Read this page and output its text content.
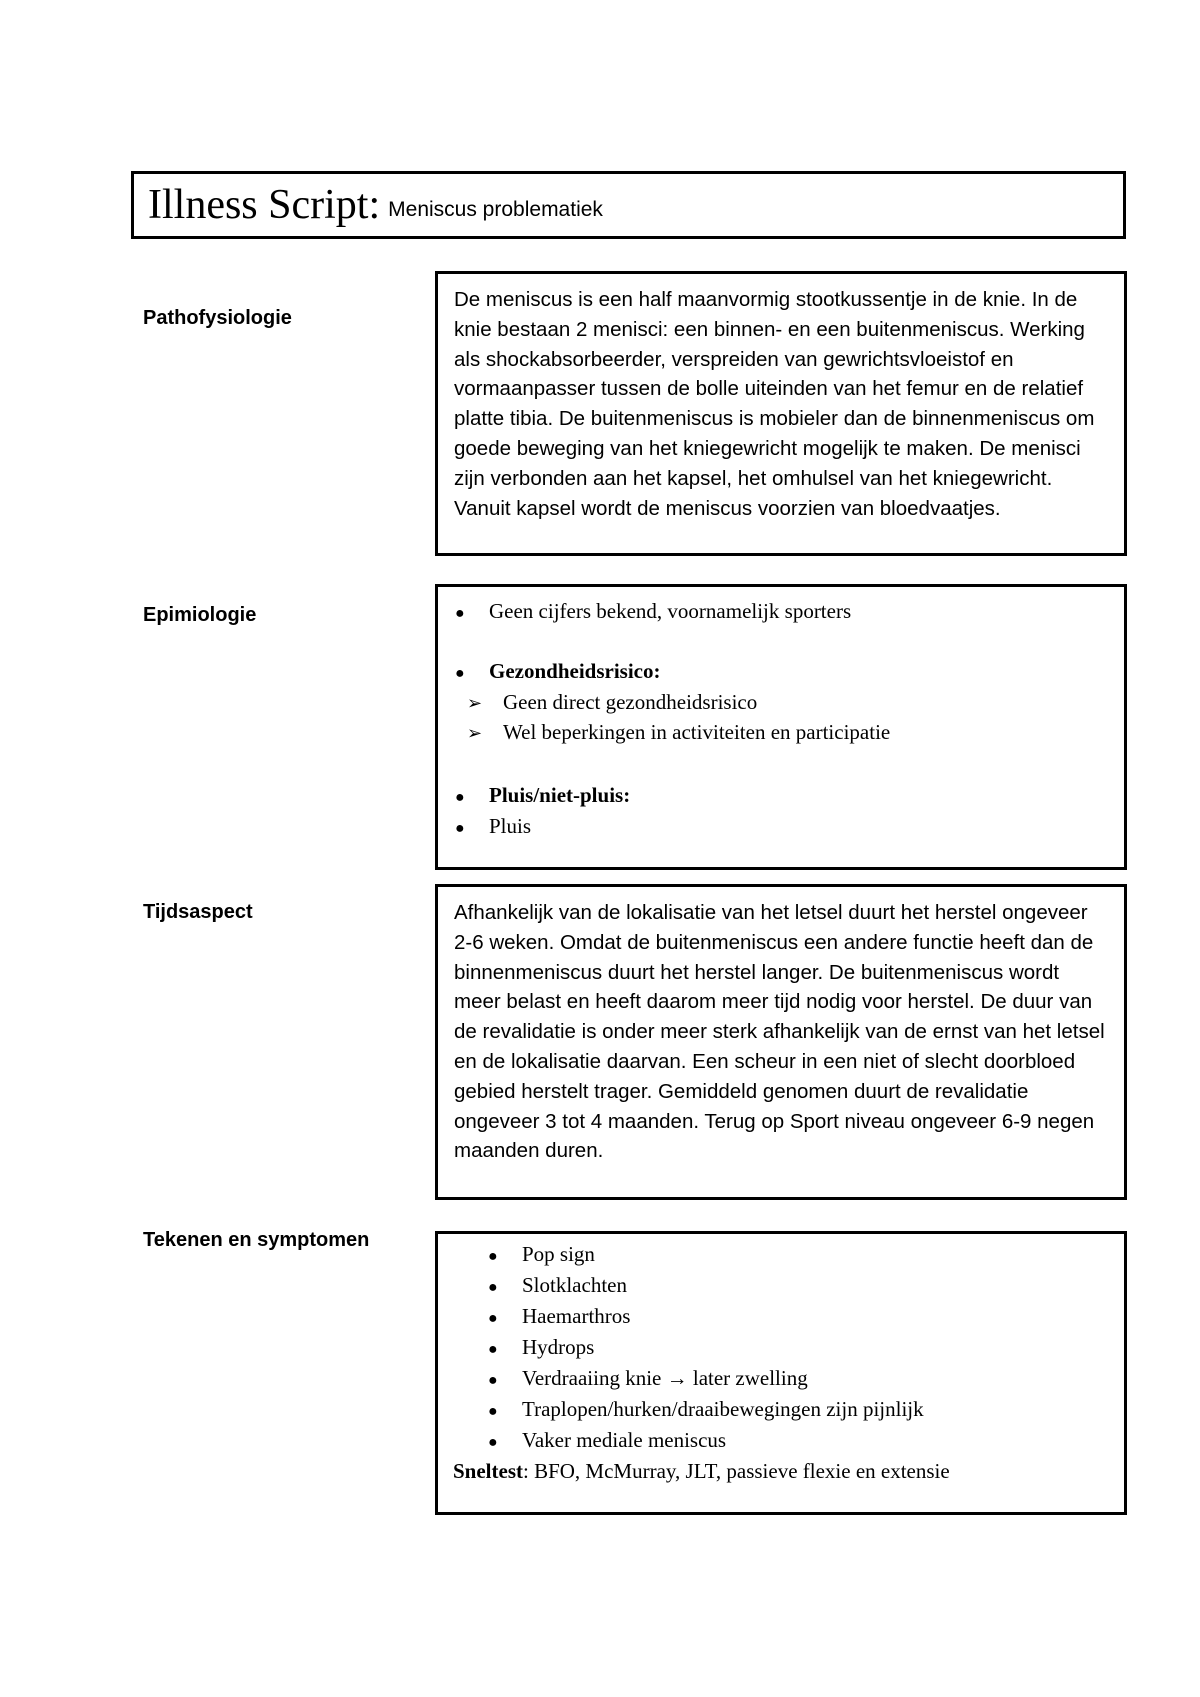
Illness Script: Meniscus problematiek
Pathofysiologie

De meniscus is een half maanvormig stootkussentje in de knie. In de knie bestaan 2 menisci: een binnen- en een buitenmeniscus. Werking als shockabsorbeerder, verspreiden van gewrichtsvloeistof en vormaanpasser tussen de bolle uiteinden van het femur en de relatief platte tibia. De buitenmeniscus is mobieler dan de binnenmeniscus om goede beweging van het kniegewricht mogelijk te maken. De menisci zijn verbonden aan het kapsel, het omhulsel van het kniegewricht. Vanuit kapsel wordt de meniscus voorzien van bloedvaatjes.

Epimiologie	●	Geen cijfers bekend, voornamelijk sporters
●	Gezondheidsrisico:
➢ Geen direct gezondheidsrisico
➢ Wel beperkingen in activiteiten en participatie
●	Pluis/niet-pluis:
●	Pluis
Tijdsaspect	Afhankelijk van de lokalisatie van het letsel duurt het herstel ongeveer 2-6 weken. Omdat de buitenmeniscus een andere functie heeft dan de binnenmeniscus duurt het herstel langer. De buitenmeniscus wordt meer belast en heeft daarom meer tijd nodig voor herstel. De duur van de revalidatie is onder meer sterk afhankelijk van de ernst van het letsel en de lokalisatie daarvan. Een scheur in een niet of slecht doorbloed gebied herstelt trager. Gemiddeld genomen duurt de revalidatie ongeveer 3 tot 4 maanden. Terug op Sport niveau ongeveer 6-9 negen maanden duren.

Tekenen en symptomen
●	Pop sign
●	Slotklachten
●	Haemarthros
●	Hydrops
●	Verdraaiing knie → later zwelling
●	Traplopen/hurken/draaibewegingen zijn pijnlijk
●	Vaker mediale meniscus
Sneltest : BFO, McMurray, JLT, passieve flexie en extensie
